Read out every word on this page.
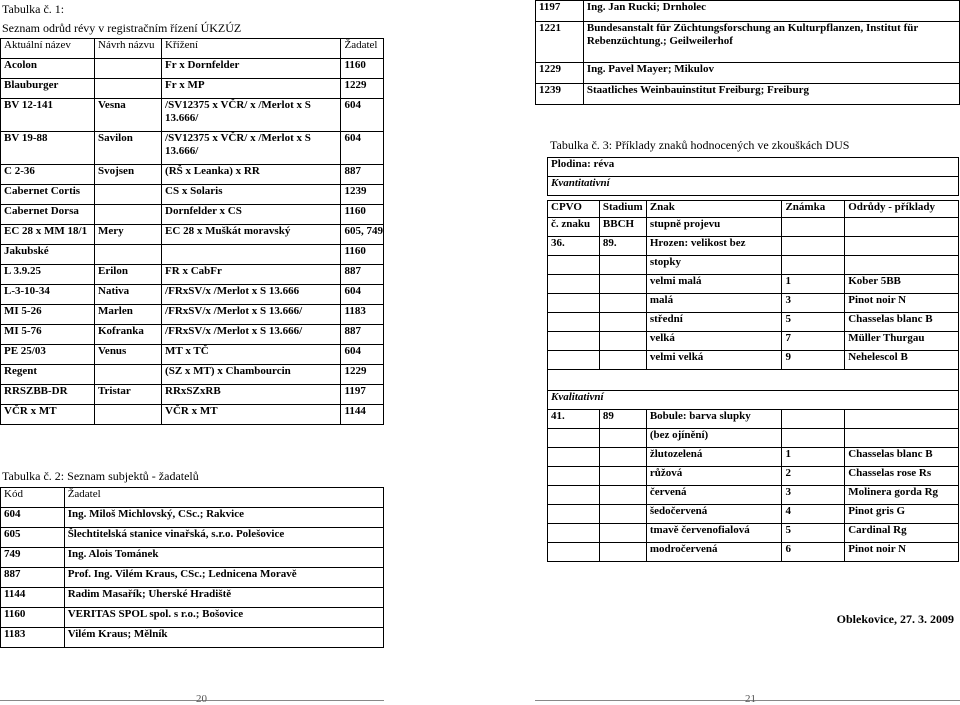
Tabulka č. 1:
Seznam odrůd révy v registračním řízení ÚKZÚZ
Aktuální název	Návrh názvu	Křížení	Žadatel
Acolon		Fr x Dornfelder	1160
Blauburger		Fr x MP	1229
BV 12-141	Vesna	/SV12375 x VČR/ x /Merlot x S 13.666/	604
BV 19-88	Savilon	/SV12375 x VČR/ x /Merlot x S 13.666/	604
C 2-36	Svojsen	(RŠ x Leanka) x RR	887
Cabernet Cortis		CS x Solaris	1239
Cabernet Dorsa		Dornfelder x CS	1160
EC 28 x MM 18/1	Mery	EC 28 x Muškát moravský	605, 749
Jakubské			1160
L 3.9.25	Erilon	FR x CabFr	887
L-3-10-34	Nativa	/FRxSV/x /Merlot x S 13.666	604
MI 5-26	Marlen	/FRxSV/x /Merlot x S 13.666/	1183
MI 5-76	Kofranka	/FRxSV/x /Merlot x S 13.666/	887
PE 25/03	Venus	MT x TČ	604
Regent		(SZ x MT) x Chambourcin	1229
RRSZBB-DR	Tristar	RRxSZxRB	1197
VČR x MT		VČR x MT	1144
Tabulka č. 2: Seznam subjektů - žadatelů
Kód	Žadatel
604	Ing. Miloš Michlovský, CSc.; Rakvice
605	Šlechtitelská stanice vinařská, s.r.o. Polešovice
749	Ing. Alois Tománek
887	Prof. Ing. Vilém Kraus, CSc.; Lednicena Moravě
1144	Radim Masařík; Uherské Hradiště
1160	VERITAS SPOL spol. s r.o.; Bošovice
1183	Vilém Kraus; Mělník
20
1197	Ing. Jan Rucki; Drnholec
1221	Bundesanstalt für Züchtungsforschung an Kulturpflanzen, Institut für Rebenzüchtung.; Geilweilerhof
1229	Ing. Pavel Mayer; Mikulov
1239	Staatliches Weinbauinstitut Freiburg; Freiburg
Tabulka č. 3: Příklady znaků hodnocených ve zkouškách DUS
Plodina: réva				
Kvantitativní				

CPVO	Stadium	Znak	Známka	Odrůdy - příklady
č. znaku	BBCH	stupně projevu		
36.	89.	Hrozen: velikost bez		
		stopky		
		velmi malá	1	Kober 5BB
		malá	3	Pinot noir N
		střední	5	Chasselas blanc B
		velká	7	Müller Thurgau
		velmi velká	9	Nehelescol B

Kvalitativní				
41.	89	Bobule: barva slupky		
		(bez ojínění)		
		žlutozelená	1	Chasselas blanc B
		růžová	2	Chasselas rose Rs
		červená	3	Molinera gorda Rg
		šedočervená	4	Pinot gris G
		tmavě červenofialová	5	Cardinal Rg
		modročervená	6	Pinot noir N
Oblekovice, 27. 3. 2009
21
